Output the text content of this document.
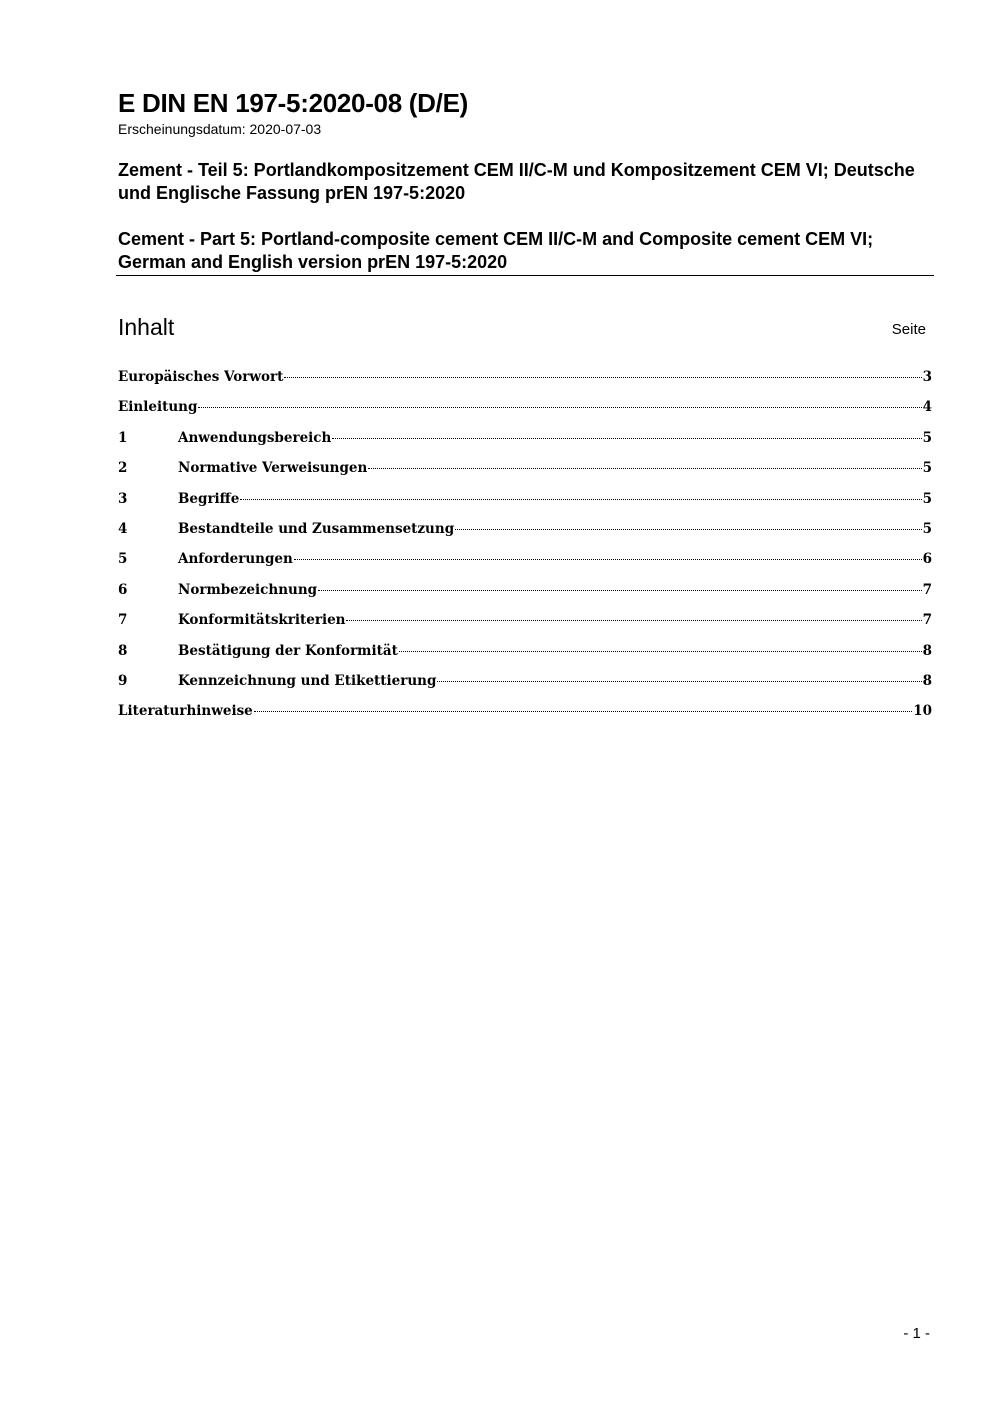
E DIN EN 197-5:2020-08 (D/E)
Erscheinungsdatum: 2020-07-03
Zement - Teil 5: Portlandkompositzement CEM II/C-M und Kompositzement CEM VI; Deutsche und Englische Fassung prEN 197-5:2020
Cement - Part 5: Portland-composite cement CEM II/C-M and Composite cement CEM VI; German and English version prEN 197-5:2020
Inhalt	Seite
Europäisches Vorwort	3
Einleitung	4
1	Anwendungsbereich	5
2	Normative Verweisungen	5
3	Begriffe	5
4	Bestandteile und Zusammensetzung	5
5	Anforderungen	6
6	Normbezeichnung	7
7	Konformitätskriterien	7
8	Bestätigung der Konformität	8
9	Kennzeichnung und Etikettierung	8
Literaturhinweise	10
- 1 -
